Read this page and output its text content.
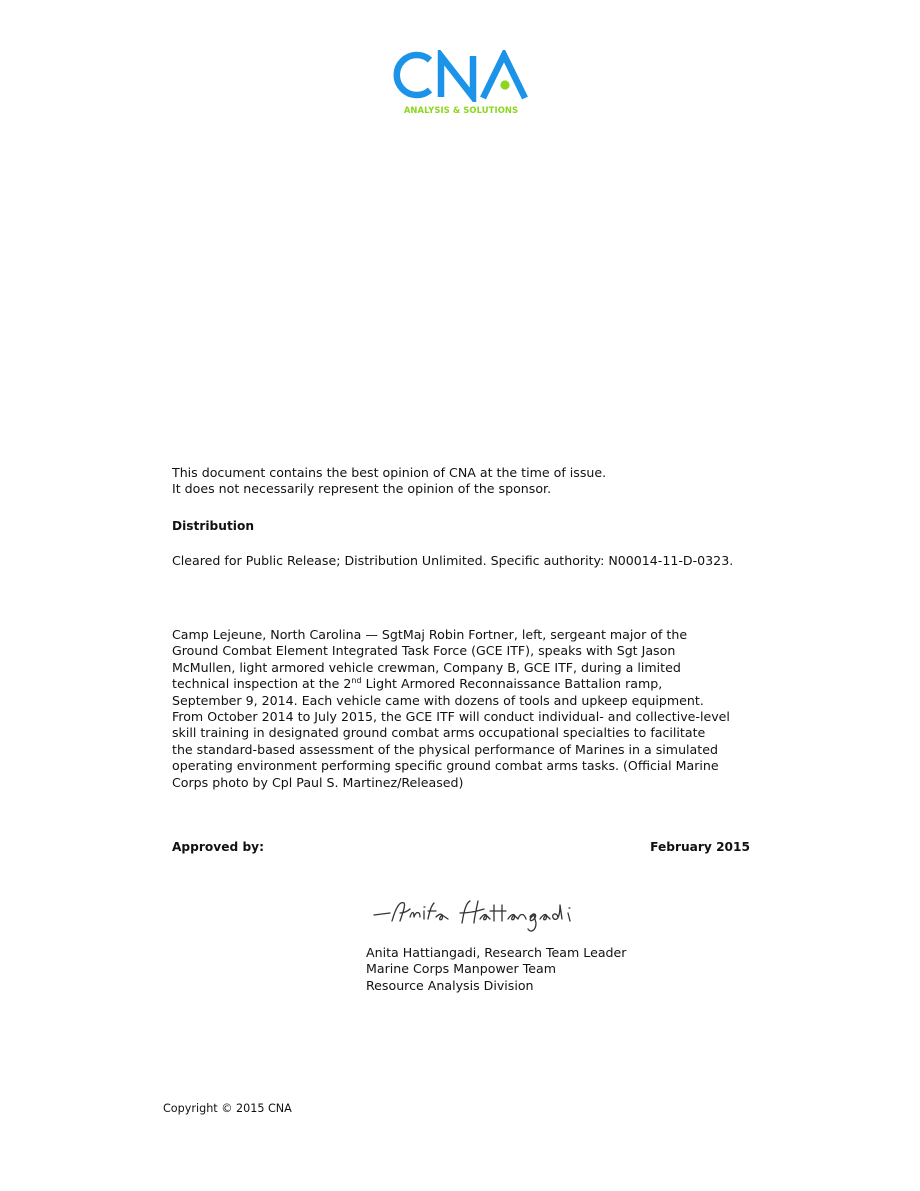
ANALYSIS & SOLUTIONS
This document contains the best opinion of CNA at the time of issue.
It does not necessarily represent the opinion of the sponsor.
Distribution
Cleared for Public Release; Distribution Unlimited. Specific authority: N00014-11-D-0323.
Camp Lejeune, North Carolina — SgtMaj Robin Fortner, left, sergeant major of the
Ground Combat Element Integrated Task Force (GCE ITF), speaks with Sgt Jason
McMullen, light armored vehicle crewman, Company B, GCE ITF, during a limited
technical inspection at the 2nd Light Armored Reconnaissance Battalion ramp,
September 9, 2014. Each vehicle came with dozens of tools and upkeep equipment.
From October 2014 to July 2015, the GCE ITF will conduct individual- and collective-level
skill training in designated ground combat arms occupational specialties to facilitate
the standard-based assessment of the physical performance of Marines in a simulated
operating environment performing specific ground combat arms tasks. (Official Marine
Corps photo by Cpl Paul S. Martinez/Released)
Approved by:	February 2015
Anita Hattiangadi, Research Team Leader
Marine Corps Manpower Team
Resource Analysis Division
Copyright © 2015 CNA
